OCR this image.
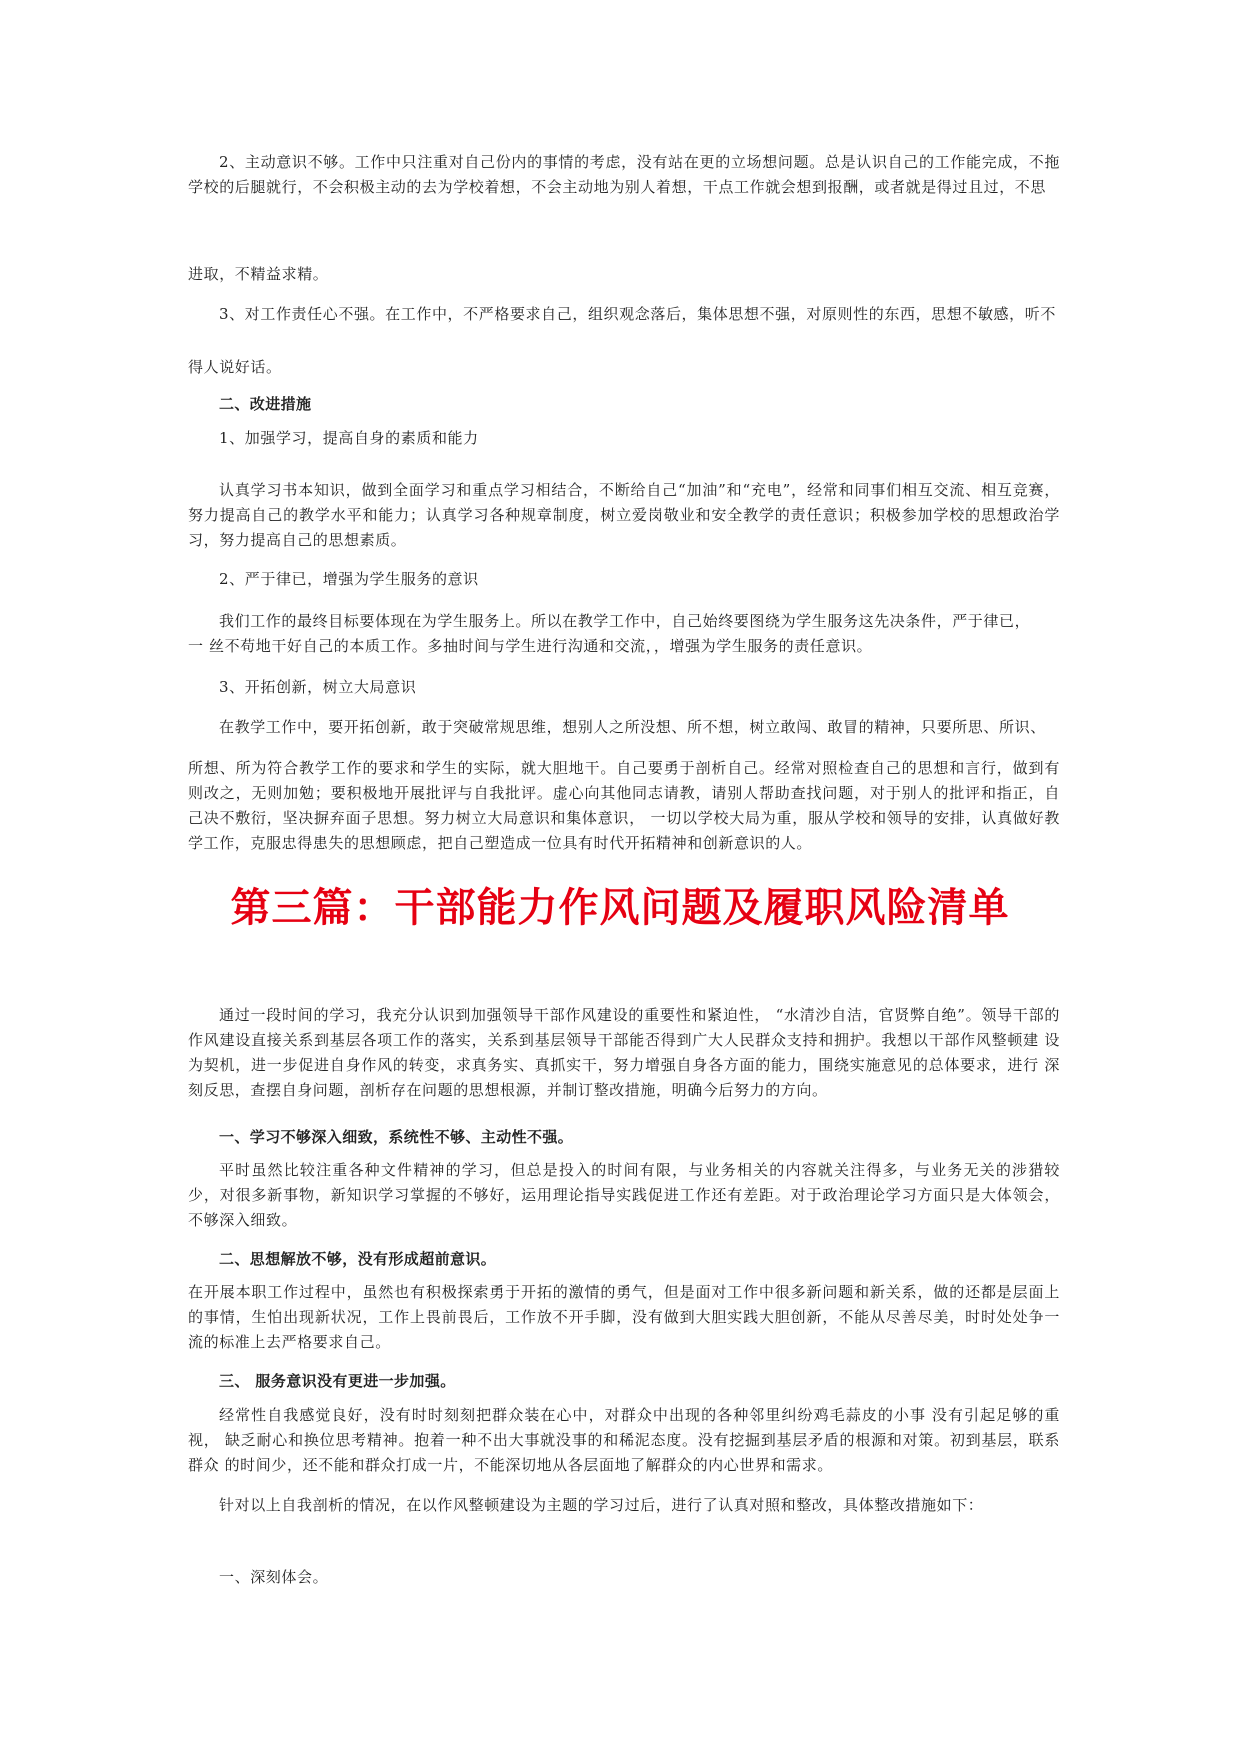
2、主动意识不够。工作中只注重对自己份内的事情的考虑，没有站在更的立场想问题。总是认识自己的工作能完成，不拖 学校的后腿就行，不会积极主动的去为学校着想，不会主动地为别人着想，干点工作就会想到报酬，或者就是得过且过，不思

进取，不精益求精。

3、对工作责任心不强。在工作中，不严格要求自己，组织观念落后，集体思想不强，对原则性的东西，思想不敏感，听不

得人说好话。

二、改进措施

1、加强学习，提高自身的素质和能力

认真学习书本知识，做到全面学习和重点学习相结合，不断给自己“加油”和“充电”，经常和同事们相互交流、相互竞赛，努力提高自己的教学水平和能力；认真学习各种规章制度，树立爱岗敬业和安全教学的责任意识；积极参加学校的思想政治学习，努力提高自己的思想素质。

2、严于律已，增强为学生服务的意识

我们工作的最终目标要体现在为学生服务上。所以在教学工作中，自己始终要图绕为学生服务这先决条件，严于律已，

一 丝不苟地干好自己的本质工作。多抽时间与学生进行沟通和交流，，增强为学生服务的责任意识。

3、开拓创新，树立大局意识

在教学工作中，要开拓创新，敢于突破常规思维，想别人之所没想、所不想，树立敢闯、敢冒的精神，只要所思、所识、

所想、所为符合教学工作的要求和学生的实际，就大胆地干。自己要勇于剖析自己。经常对照检查自己的思想和言行，做到有则改之，无则加勉；要积极地开展批评与自我批评。虚心向其他同志请教，请别人帮助查找问题，对于别人的批评和指正，自己决不敷衍，坚决摒弃面子思想。努力树立大局意识和集体意识， 一切以学校大局为重，服从学校和领导的安排，认真做好教学工作，克服忠得患失的思想顾虑，把自己塑造成一位具有时代开拓精神和创新意识的人。

第三篇：干部能力作风问题及履职风险清单

通过一段时间的学习，我充分认识到加强领导干部作风建设的重要性和紧迫性， “水清沙自洁，官贤弊自绝”。领导干部的作风建设直接关系到基层各项工作的落实，关系到基层领导干部能否得到广大人民群众支持和拥护。我想以干部作风整顿建 设为契机，进一步促进自身作风的转变，求真务实、真抓实干，努力增强自身各方面的能力，围绕实施意见的总体要求，进行 深刻反思，查摆自身问题，剖析存在问题的思想根源，并制订整改措施，明确今后努力的方向。

一、学习不够深入细致，系统性不够、主动性不强。

平时虽然比较注重各种文件精神的学习，但总是投入的时间有限，与业务相关的内容就关注得多，与业务无关的涉猎较少，对很多新事物，新知识学习掌握的不够好，运用理论指导实践促进工作还有差距。对于政治理论学习方面只是大体领会，不够深入细致。

二、思想解放不够，没有形成超前意识。

在开展本职工作过程中，虽然也有积极探索勇于开拓的激情的勇气，但是面对工作中很多新问题和新关系，做的还都是层面上的事情，生怕出现新状况，工作上畏前畏后，工作放不开手脚，没有做到大胆实践大胆创新，不能从尽善尽美，时时处处争一流的标准上去严格要求自己。

三、 服务意识没有更进一步加强。

经常性自我感觉良好，没有时时刻刻把群众装在心中，对群众中出现的各种邻里纠纷鸡毛蒜皮的小事 没有引起足够的重视， 缺乏耐心和换位思考精神。抱着一种不出大事就没事的和稀泥态度。没有挖掘到基层矛盾的根源和对策。初到基层，联系群众 的时间少，还不能和群众打成一片，不能深切地从各层面地了解群众的内心世界和需求。

针对以上自我剖析的情况，在以作风整顿建设为主题的学习过后，进行了认真对照和整改，具体整改措施如下：

一、深刻体会。
